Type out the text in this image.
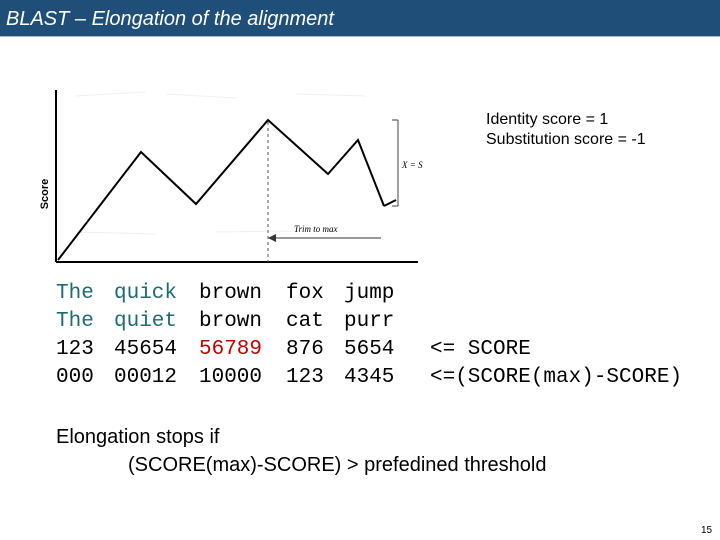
BLAST – Elongation of the alignment
Score
X = S
Trim to max
Identity score = 1
Substitution score = -1

The

quick

brown

fox

jump

The

quiet

brown

cat

purr

123

45654

56789

876

5654

000

00012

10000

123

4345

<= SCORE
<=(SCORE(max)-SCORE)
Elongation stops if
(SCORE(max)-SCORE) > prefedined threshold
15
